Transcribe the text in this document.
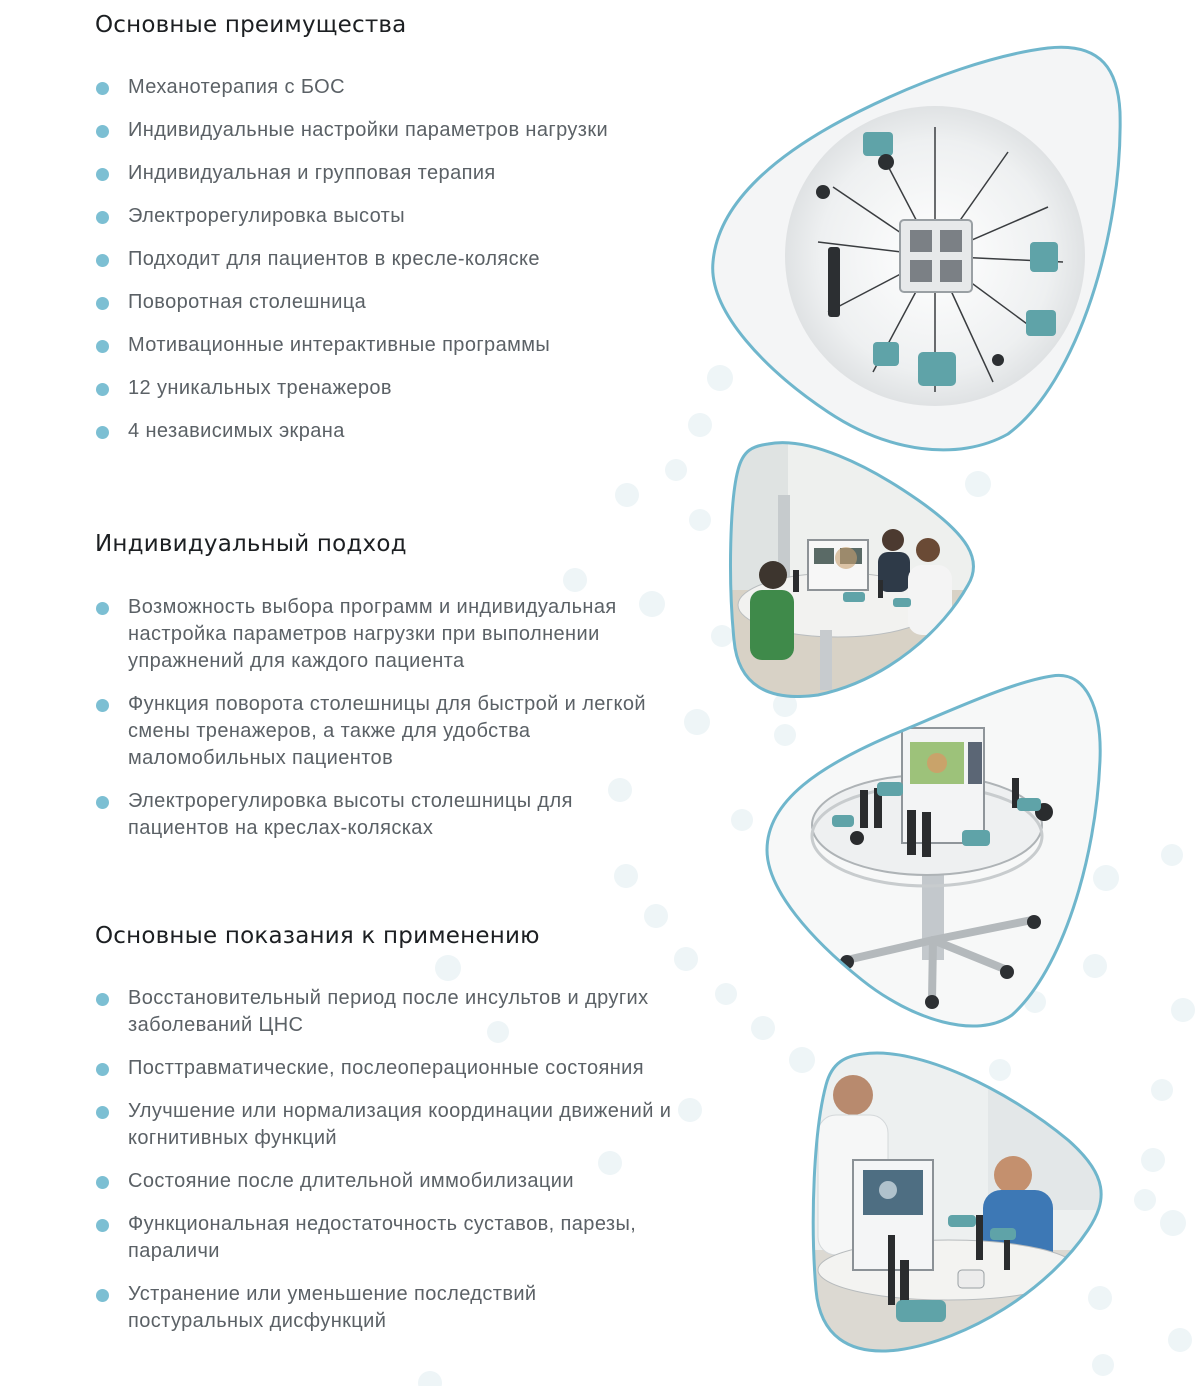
Основные преимущества
Механотерапия с БОС
Индивидуальные настройки параметров нагрузки
Индивидуальная и групповая терапия
Электрорегулировка высоты
Подходит для пациентов в кресле-коляске
Поворотная столешница
Мотивационные интерактивные программы
12 уникальных тренажеров
4 независимых экрана
Индивидуальный подход
Возможность выбора программ и индивидуальная настройка параметров нагрузки при выполнении упражнений для каждого пациента
Функция поворота столешницы для быстрой и легкой смены тренажеров, а также для удобства маломобильных пациентов
Электрорегулировка высоты столешницы для пациентов на креслах-колясках
Основные показания к применению
Восстановительный период после инсультов и других заболеваний ЦНС
Посттравматические, послеоперационные состояния
Улучшение или нормализация координации движений и когнитивных функций
Состояние после длительной иммобилизации
Функциональная недостаточность суставов, парезы, параличи
Устранение или уменьшение последствий постуральных дисфункций
